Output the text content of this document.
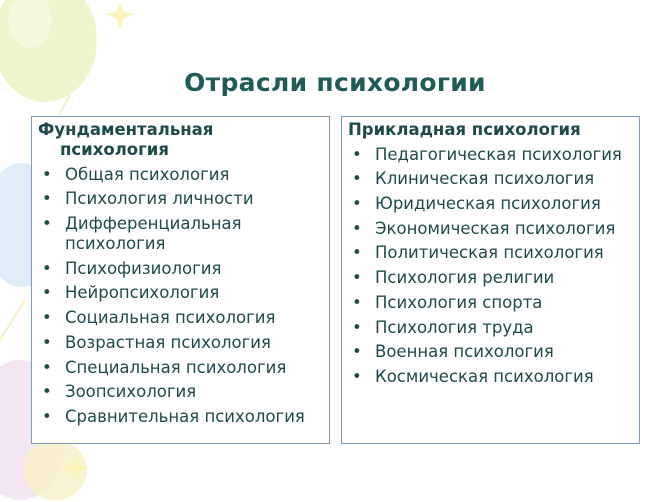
Отрасли психологии
Фундаментальная
психология
• Общая психология
• Психология личности
• Дифференциальная психология
• Психофизиология
• Нейропсихология
• Социальная психология
• Возрастная психология
• Специальная психология
• Зоопсихология
• Сравнительная психология
Прикладная психология
• Педагогическая психология
• Клиническая психология
• Юридическая психология
• Экономическая психология
• Политическая психология
• Психология религии
• Психология спорта
• Психология труда
• Военная психология
• Космическая психология
